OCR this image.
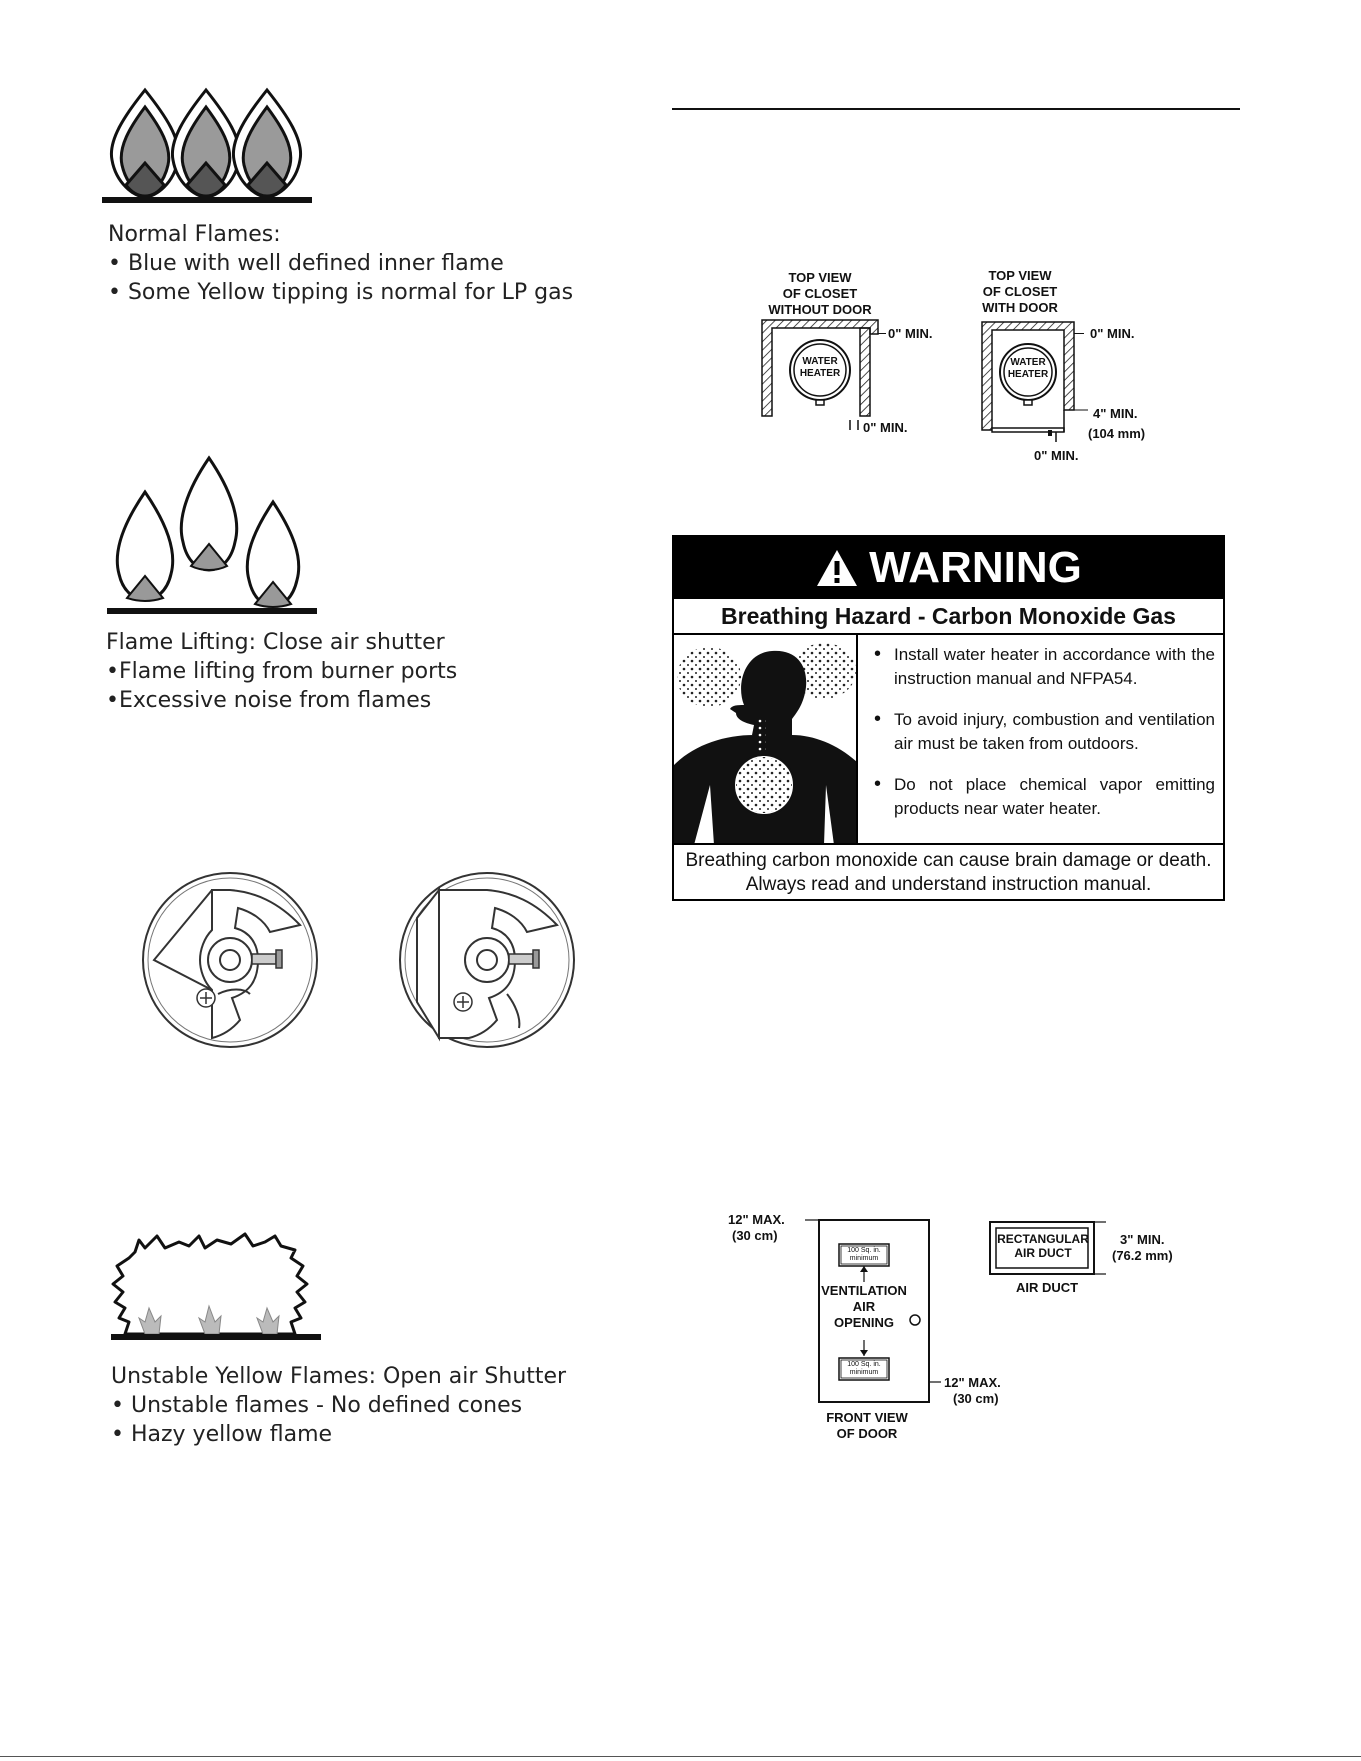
Normal Flames:
• Blue with well defined inner flame
• Some Yellow tipping is normal for LP gas
Flame Lifting: Close air shutter
•Flame lifting from burner ports
•Excessive noise from flames
Unstable Yellow Flames: Open air Shutter
• Unstable flames - No defined cones
• Hazy yellow flame
TOP VIEW
OF CLOSET
WITHOUT DOOR
WATER
HEATER
0" MIN.
0" MIN.
TOP VIEW
OF CLOSET
WITH DOOR
WATER
HEATER
0" MIN.
4" MIN.
(104 mm)
0" MIN.
WARNING
Breathing Hazard - Carbon Monoxide Gas
• Install water heater in accordance with the instruction manual and NFPA54.
• To avoid injury, combustion and ventilation air must be taken from outdoors.
• Do not place chemical vapor emitting products near water heater.
Breathing carbon monoxide can cause brain damage or death. Always read and understand instruction manual.
12" MAX.
(30 cm)
100 Sq. in.
minimum
100 Sq. in.
minimum
VENTILATION
AIR
OPENING
12" MAX.
(30 cm)
FRONT VIEW
OF DOOR
RECTANGULAR
AIR DUCT
3" MIN.
(76.2 mm)
AIR DUCT
